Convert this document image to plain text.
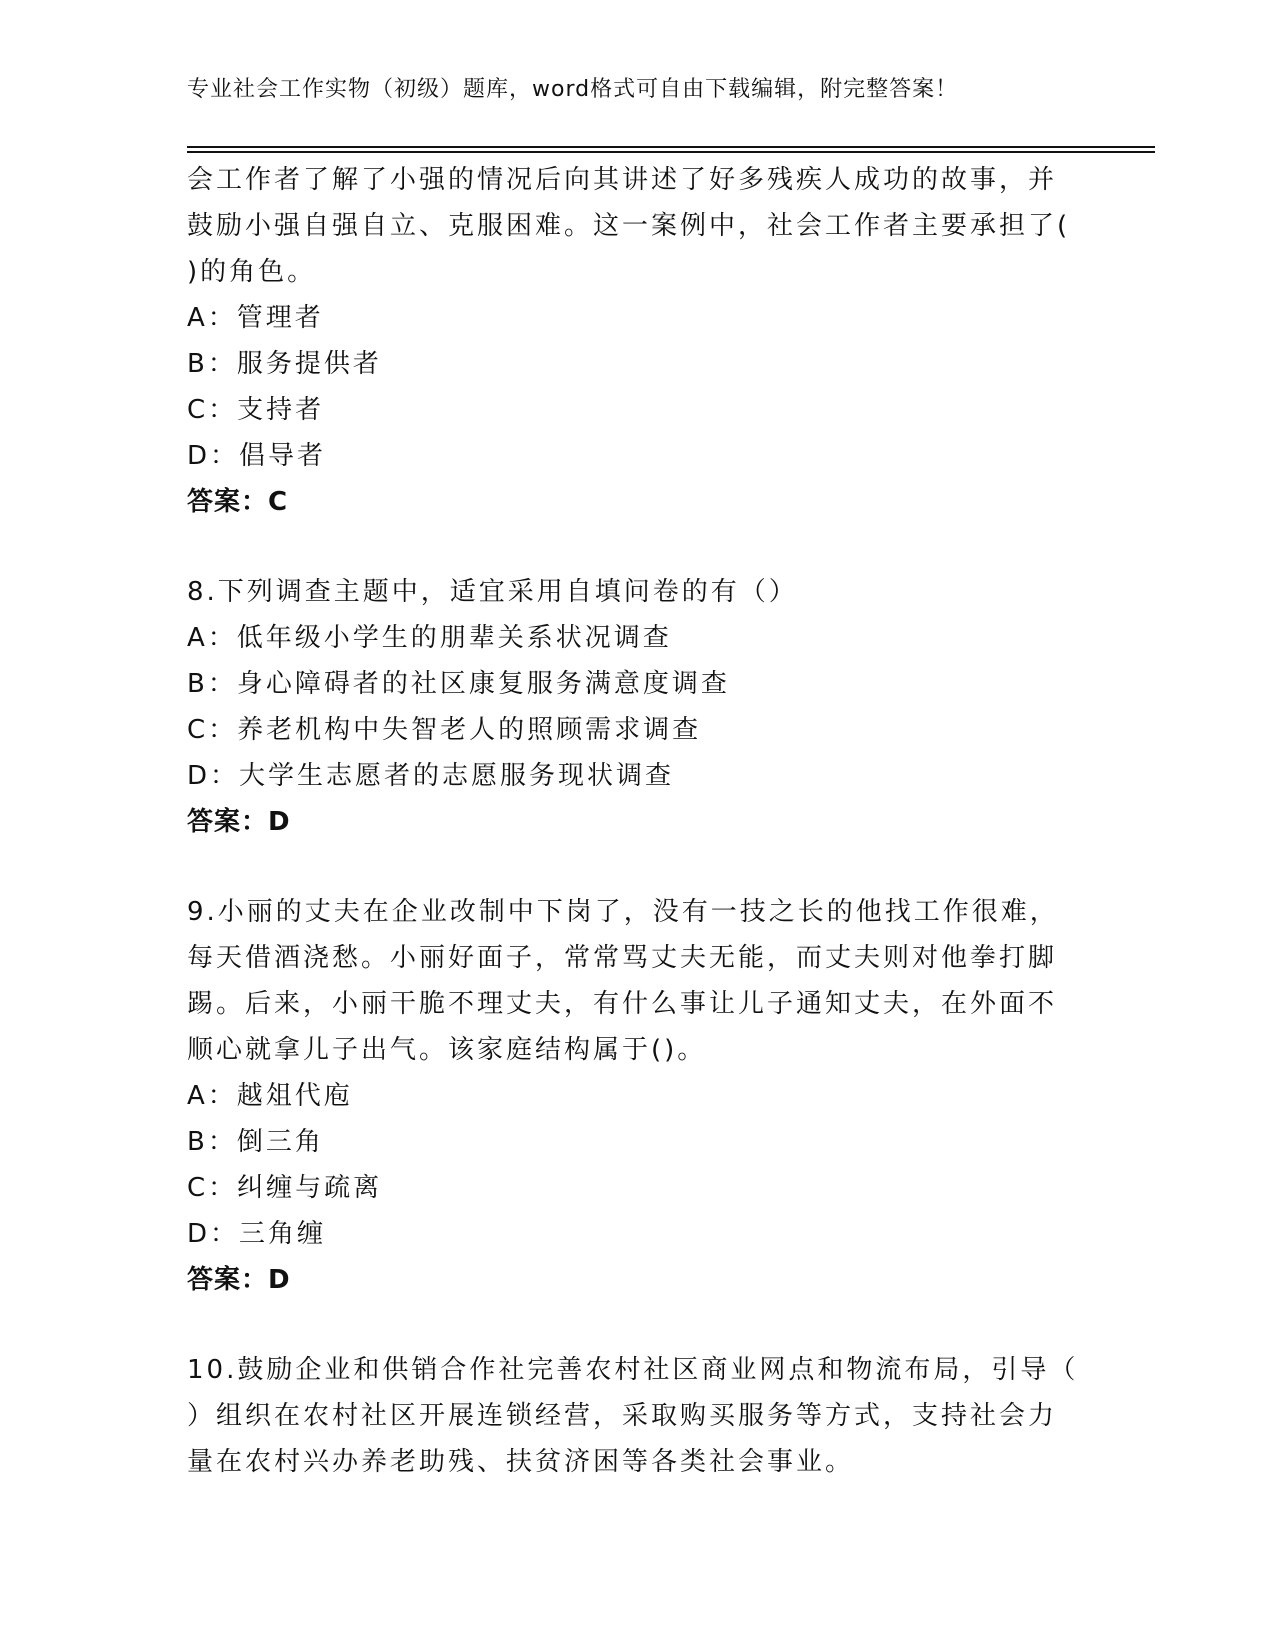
专业社会工作实物（初级）题库，word格式可自由下载编辑，附完整答案！
会工作者了解了小强的情况后向其讲述了好多残疾人成功的故事，并
鼓励小强自强自立、克服困难。这一案例中，社会工作者主要承担了(
)的角色。
A：管理者
B：服务提供者
C：支持者
D：倡导者
答案：C
8.下列调查主题中，适宜采用自填问卷的有（）
A：低年级小学生的朋辈关系状况调查
B：身心障碍者的社区康复服务满意度调查
C：养老机构中失智老人的照顾需求调查
D：大学生志愿者的志愿服务现状调查
答案：D
9.小丽的丈夫在企业改制中下岗了，没有一技之长的他找工作很难，
每天借酒浇愁。小丽好面子，常常骂丈夫无能，而丈夫则对他拳打脚
踢。后来，小丽干脆不理丈夫，有什么事让儿子通知丈夫，在外面不
顺心就拿儿子出气。该家庭结构属于()。
A：越俎代庖
B：倒三角
C：纠缠与疏离
D：三角缠
答案：D
10.鼓励企业和供销合作社完善农村社区商业网点和物流布局，引导（
）组织在农村社区开展连锁经营，采取购买服务等方式，支持社会力
量在农村兴办养老助残、扶贫济困等各类社会事业。
